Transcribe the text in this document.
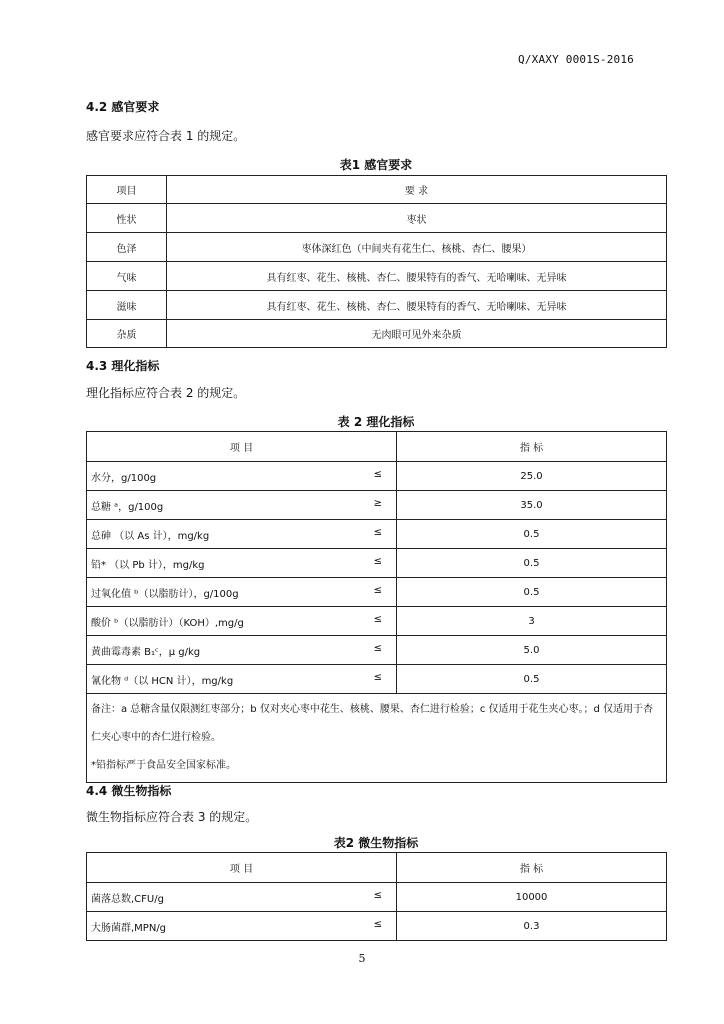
Q/XAXY 0001S-2016
4.2 感官要求
感官要求应符合表 1 的规定。
表1 感官要求
项目	要 求
性状	枣状
色泽	枣体深红色（中间夹有花生仁、核桃、杏仁、腰果）
气味	具有红枣、花生、核桃、杏仁、腰果特有的香气、无哈喇味、无异味
滋味	具有红枣、花生、核桃、杏仁、腰果特有的香气、无哈喇味、无异味
杂质	无肉眼可见外来杂质
4.3 理化指标
理化指标应符合表 2 的规定。
表 2 理化指标
项 目	指 标
水分，g/100g ≤	25.0
总糖 ᵃ，g/100g ≥	35.0
总砷 （以 As 计），mg/kg ≤	0.5
铅* （以 Pb 计），mg/kg ≤	0.5
过氧化值 ᵇ（以脂肪计），g/100g ≤	0.5
酸价 ᵇ（以脂肪计）（KOH）,mg/g ≤	3
黄曲霉毒素 B₁ᶜ，μ g/kg ≤	5.0
氰化物 ᵈ（以 HCN 计），mg/kg ≤	0.5

备注：a 总糖含量仅限测红枣部分；b 仅对夹心枣中花生、核桃、腰果、杏仁进行检验；c 仅适用于花生夹心枣。；d 仅适用于杏仁夹心枣中的杏仁进行检验。
*铅指标严于食品安全国家标准。	
4.4 微生物指标
微生物指标应符合表 3 的规定。
表2 微生物指标
项 目	指 标
菌落总数,CFU/g ≤	10000
大肠菌群,MPN/g ≤	0.3
5
